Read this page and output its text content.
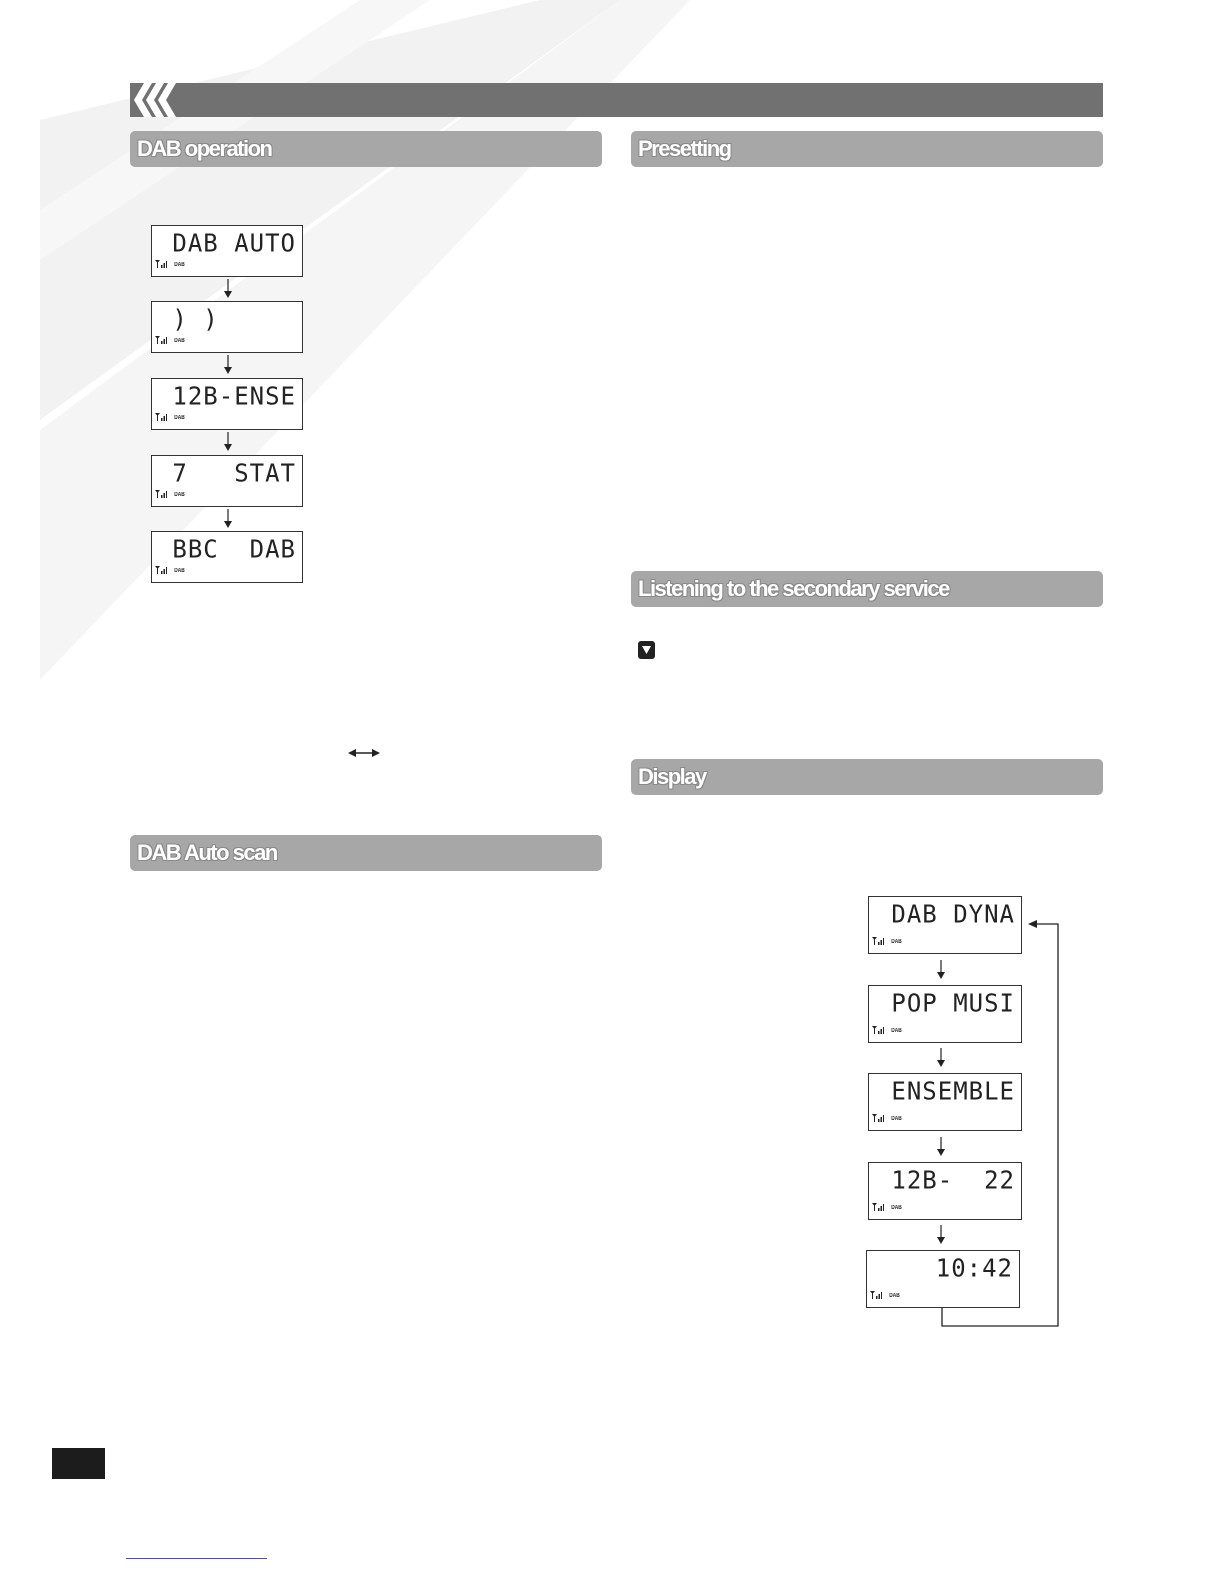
DAB operation	Presetting
Listening to the secondary service
Display
DAB Auto scan
DAB AUTO
DAB
) )
DAB
12B-ENSE
DAB
7   STAT
DAB
BBC  DAB
DAB
DAB DYNA
DAB
POP MUSI
DAB
ENSEMBLE
DAB
12B-  22
DAB
10:42
DAB
